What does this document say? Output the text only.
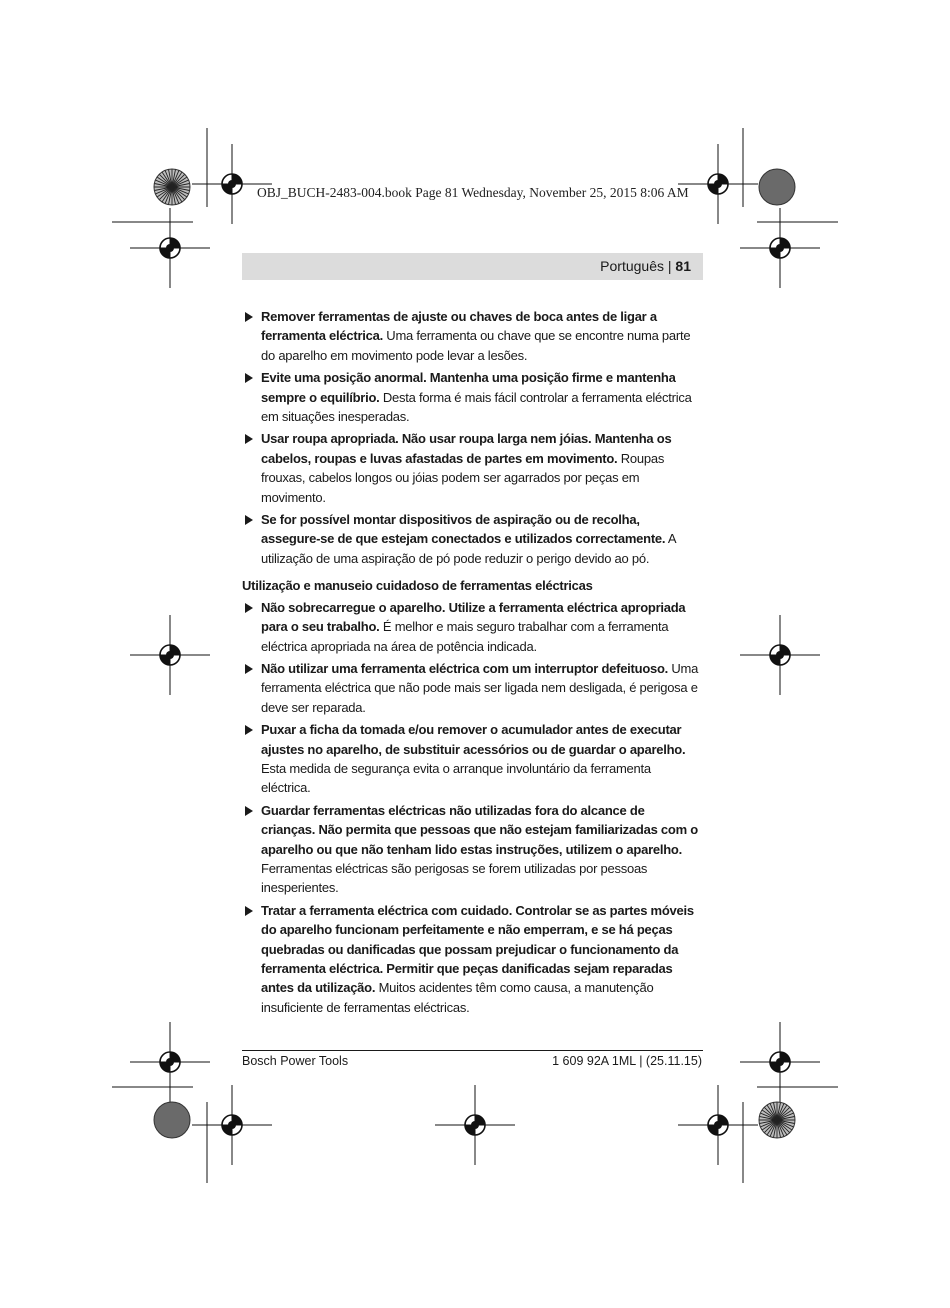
OBJ_BUCH-2483-004.book Page 81 Wednesday, November 25, 2015 8:06 AM
Português | 81
Remover ferramentas de ajuste ou chaves de boca antes de ligar a ferramenta eléctrica. Uma ferramenta ou chave que se encontre numa parte do aparelho em movimento pode levar a lesões.
Evite uma posição anormal. Mantenha uma posição firme e mantenha sempre o equilíbrio. Desta forma é mais fácil controlar a ferramenta eléctrica em situações inesperadas.
Usar roupa apropriada. Não usar roupa larga nem jóias. Mantenha os cabelos, roupas e luvas afastadas de partes em movimento. Roupas frouxas, cabelos longos ou jóias podem ser agarrados por peças em movimento.
Se for possível montar dispositivos de aspiração ou de recolha, assegure-se de que estejam conectados e utilizados correctamente. A utilização de uma aspiração de pó pode reduzir o perigo devido ao pó.
Utilização e manuseio cuidadoso de ferramentas eléctricas
Não sobrecarregue o aparelho. Utilize a ferramenta eléctrica apropriada para o seu trabalho. É melhor e mais seguro trabalhar com a ferramenta eléctrica apropriada na área de potência indicada.
Não utilizar uma ferramenta eléctrica com um interruptor defeituoso. Uma ferramenta eléctrica que não pode mais ser ligada nem desligada, é perigosa e deve ser reparada.
Puxar a ficha da tomada e/ou remover o acumulador antes de executar ajustes no aparelho, de substituir acessórios ou de guardar o aparelho. Esta medida de segurança evita o arranque involuntário da ferramenta eléctrica.
Guardar ferramentas eléctricas não utilizadas fora do alcance de crianças. Não permita que pessoas que não estejam familiarizadas com o aparelho ou que não tenham lido estas instruções, utilizem o aparelho. Ferramentas eléctricas são perigosas se forem utilizadas por pessoas inesperientes.
Tratar a ferramenta eléctrica com cuidado. Controlar se as partes móveis do aparelho funcionam perfeitamente e não emperram, e se há peças quebradas ou danificadas que possam prejudicar o funcionamento da ferramenta eléctrica. Permitir que peças danificadas sejam reparadas antes da utilização. Muitos acidentes têm como causa, a manutenção insuficiente de ferramentas eléctricas.
Bosch Power Tools	1 609 92A 1ML | (25.11.15)
